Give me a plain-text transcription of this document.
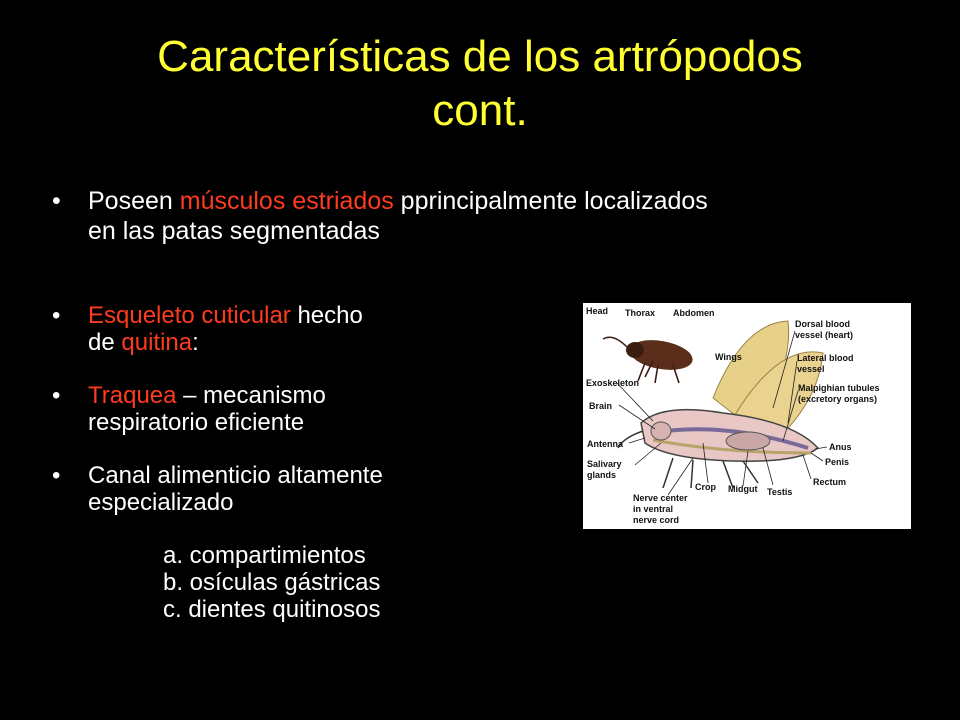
Características de los artrópodos
cont.
• Poseen músculos estriados pprincipalmente localizados
en las patas segmentadas
• Esqueleto cuticular hecho
de quitina:
• Traquea – mecanismo
respiratorio eficiente
• Canal alimenticio altamente
especializado
a. compartimientos
b. osículas gástricas
c. dientes quitinosos
Head Thorax Abdomen
Dorsal blood
vessel (heart)
Lateral blood
vessel
Wings
Malpighian tubules
(excretory organs)
Exoskeleton
Brain
Antenna
Salivary
glands
Anus
Penis
Rectum
Crop Midgut Testis
Nerve center
in ventral
nerve cord
